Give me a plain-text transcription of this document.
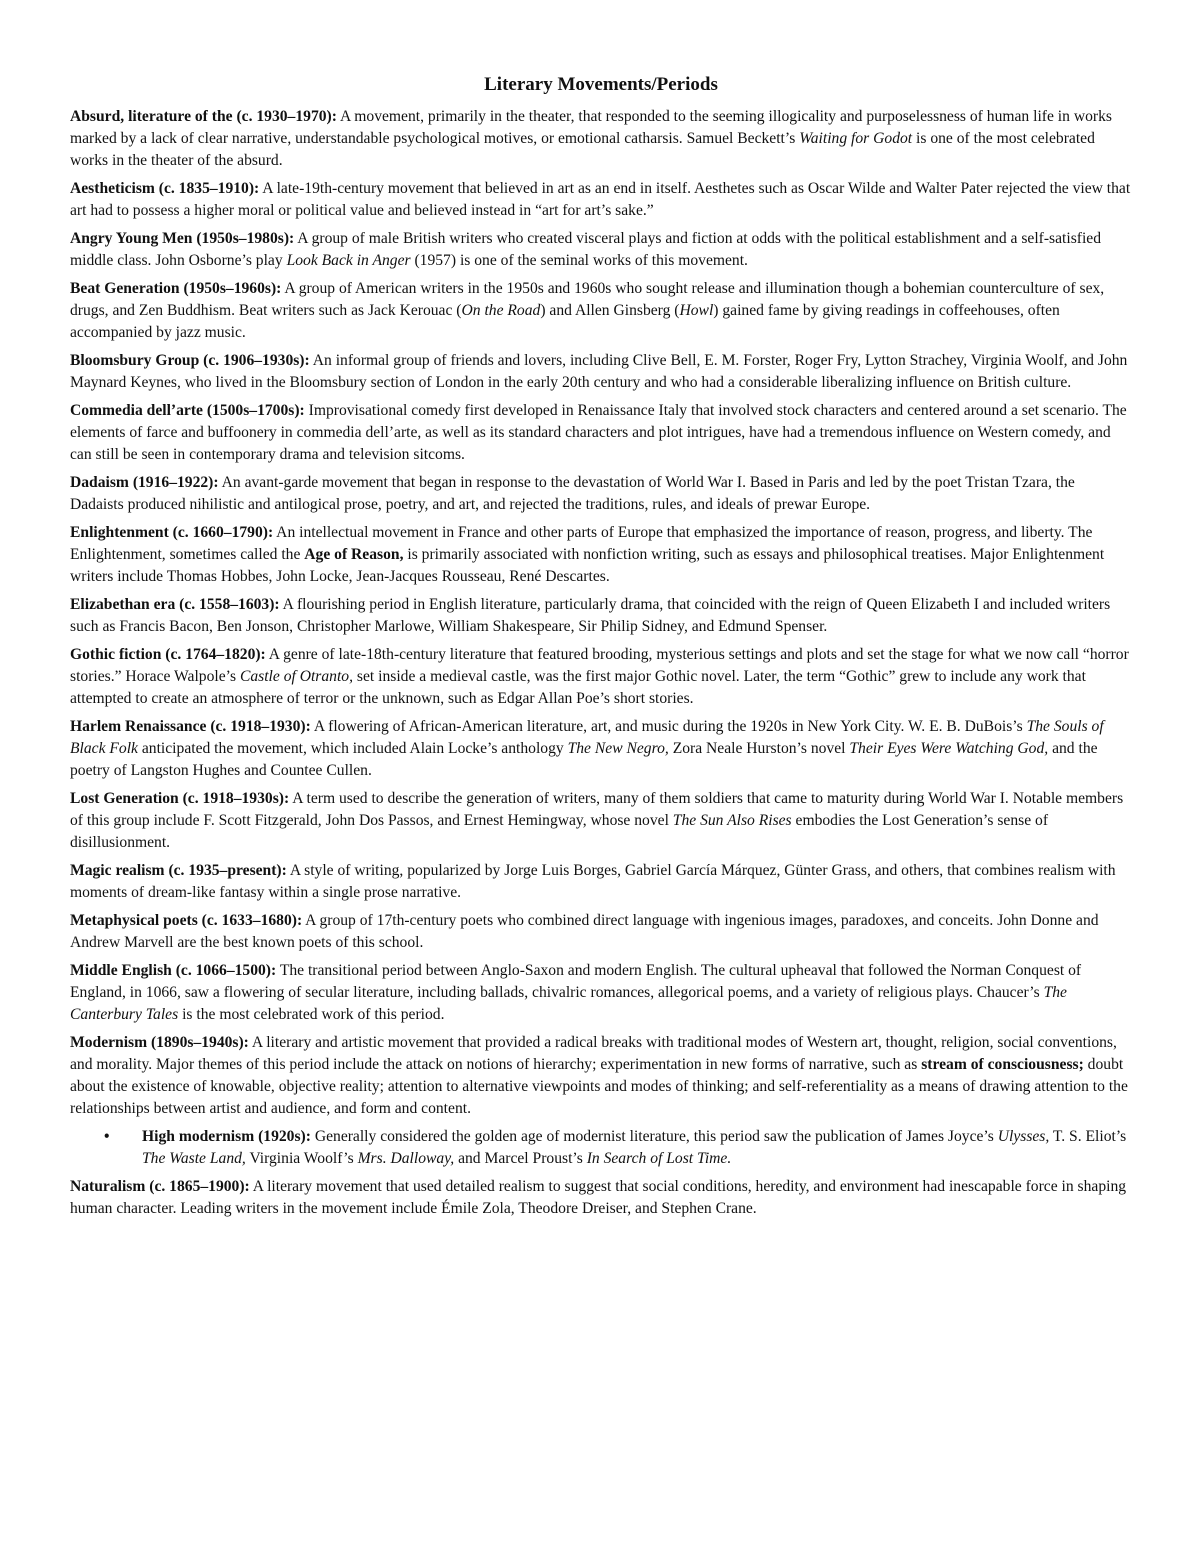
Literary Movements/Periods

Absurd, literature of the (c. 1930–1970): A movement, primarily in the theater, that responded to the seeming illogicality and purposelessness of human life in works marked by a lack of clear narrative, understandable psychological motives, or emotional catharsis. Samuel Beckett’s Waiting for Godot is one of the most celebrated works in the theater of the absurd.

Aestheticism (c. 1835–1910): A late-19th-century movement that believed in art as an end in itself. Aesthetes such as Oscar Wilde and Walter Pater rejected the view that art had to possess a higher moral or political value and believed instead in “art for art’s sake.”

Angry Young Men (1950s–1980s): A group of male British writers who created visceral plays and fiction at odds with the political establishment and a self-satisfied middle class. John Osborne’s play Look Back in Anger (1957) is one of the seminal works of this movement.

Beat Generation (1950s–1960s): A group of American writers in the 1950s and 1960s who sought release and illumination though a bohemian counterculture of sex, drugs, and Zen Buddhism. Beat writers such as Jack Kerouac (On the Road) and Allen Ginsberg (Howl) gained fame by giving readings in coffeehouses, often accompanied by jazz music.

Bloomsbury Group (c. 1906–1930s): An informal group of friends and lovers, including Clive Bell, E. M. Forster, Roger Fry, Lytton Strachey, Virginia Woolf, and John Maynard Keynes, who lived in the Bloomsbury section of London in the early 20th century and who had a considerable liberalizing influence on British culture.

Commedia dell’arte (1500s–1700s): Improvisational comedy first developed in Renaissance Italy that involved stock characters and centered around a set scenario. The elements of farce and buffoonery in commedia dell’arte, as well as its standard characters and plot intrigues, have had a tremendous influence on Western comedy, and can still be seen in contemporary drama and television sitcoms.

Dadaism (1916–1922): An avant-garde movement that began in response to the devastation of World War I. Based in Paris and led by the poet Tristan Tzara, the Dadaists produced nihilistic and antilogical prose, poetry, and art, and rejected the traditions, rules, and ideals of prewar Europe.

Enlightenment (c. 1660–1790): An intellectual movement in France and other parts of Europe that emphasized the importance of reason, progress, and liberty. The Enlightenment, sometimes called the Age of Reason, is primarily associated with nonfiction writing, such as essays and philosophical treatises. Major Enlightenment writers include Thomas Hobbes, John Locke, Jean-Jacques Rousseau, René Descartes.

Elizabethan era (c. 1558–1603): A flourishing period in English literature, particularly drama, that coincided with the reign of Queen Elizabeth I and included writers such as Francis Bacon, Ben Jonson, Christopher Marlowe, William Shakespeare, Sir Philip Sidney, and Edmund Spenser.

Gothic fiction (c. 1764–1820): A genre of late-18th-century literature that featured brooding, mysterious settings and plots and set the stage for what we now call “horror stories.” Horace Walpole’s Castle of Otranto, set inside a medieval castle, was the first major Gothic novel. Later, the term “Gothic” grew to include any work that attempted to create an atmosphere of terror or the unknown, such as Edgar Allan Poe’s short stories.

Harlem Renaissance (c. 1918–1930): A flowering of African-American literature, art, and music during the 1920s in New York City. W. E. B. DuBois’s The Souls of Black Folk anticipated the movement, which included Alain Locke’s anthology The New Negro, Zora Neale Hurston’s novel Their Eyes Were Watching God, and the poetry of Langston Hughes and Countee Cullen.

Lost Generation (c. 1918–1930s): A term used to describe the generation of writers, many of them soldiers that came to maturity during World War I. Notable members of this group include F. Scott Fitzgerald, John Dos Passos, and Ernest Hemingway, whose novel The Sun Also Rises embodies the Lost Generation’s sense of disillusionment.

Magic realism (c. 1935–present): A style of writing, popularized by Jorge Luis Borges, Gabriel García Márquez, Günter Grass, and others, that combines realism with moments of dream-like fantasy within a single prose narrative.

Metaphysical poets (c. 1633–1680): A group of 17th-century poets who combined direct language with ingenious images, paradoxes, and conceits. John Donne and Andrew Marvell are the best known poets of this school.

Middle English (c. 1066–1500): The transitional period between Anglo-Saxon and modern English. The cultural upheaval that followed the Norman Conquest of England, in 1066, saw a flowering of secular literature, including ballads, chivalric romances, allegorical poems, and a variety of religious plays. Chaucer’s The Canterbury Tales is the most celebrated work of this period.

Modernism (1890s–1940s): A literary and artistic movement that provided a radical breaks with traditional modes of Western art, thought, religion, social conventions, and morality. Major themes of this period include the attack on notions of hierarchy; experimentation in new forms of narrative, such as stream of consciousness; doubt about the existence of knowable, objective reality; attention to alternative viewpoints and modes of thinking; and self-referentiality as a means of drawing attention to the relationships between artist and audience, and form and content.

• High modernism (1920s): Generally considered the golden age of modernist literature, this period saw the publication of James Joyce’s Ulysses, T. S. Eliot’s The Waste Land, Virginia Woolf’s Mrs. Dalloway, and Marcel Proust’s In Search of Lost Time.

Naturalism (c. 1865–1900): A literary movement that used detailed realism to suggest that social conditions, heredity, and environment had inescapable force in shaping human character. Leading writers in the movement include Émile Zola, Theodore Dreiser, and Stephen Crane.
